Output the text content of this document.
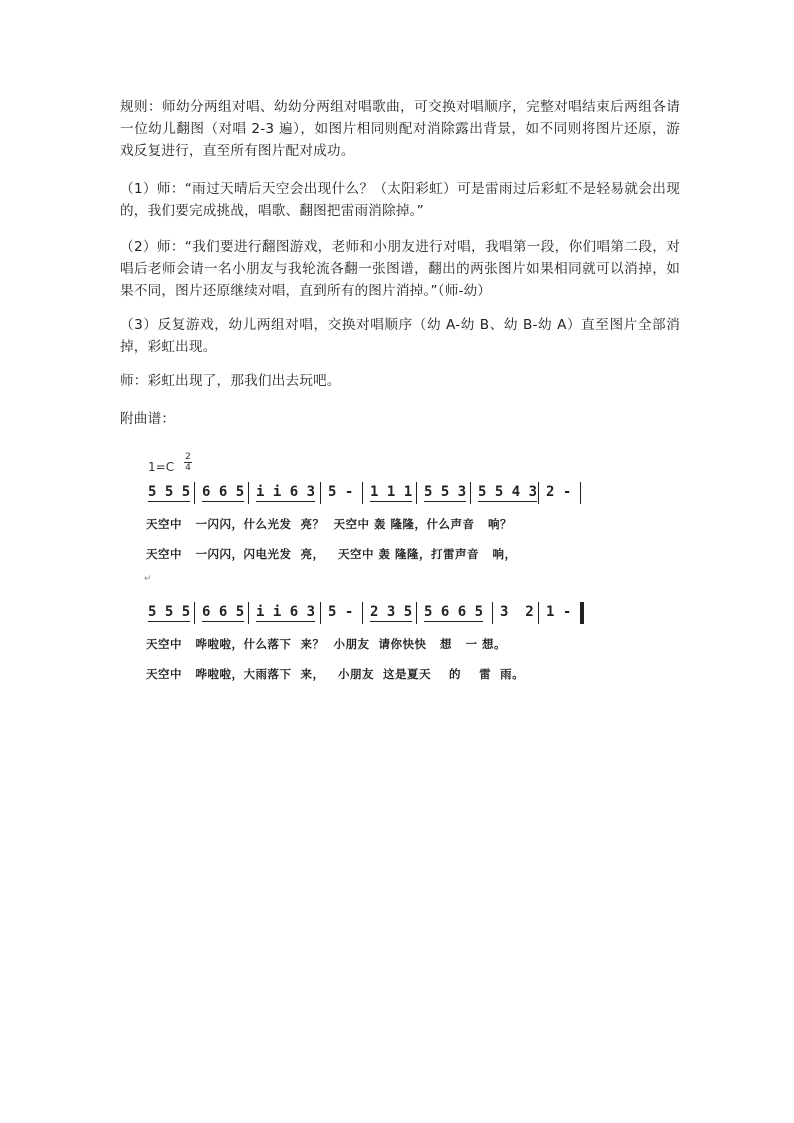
规则：师幼分两组对唱、幼幼分两组对唱歌曲，可交换对唱顺序，完整对唱结束后两组各请一位幼儿翻图（对唱 2-3 遍），如图片相同则配对消除露出背景，如不同则将图片还原，游戏反复进行，直至所有图片配对成功。

（1）师：“雨过天晴后天空会出现什么？（太阳彩虹）可是雷雨过后彩虹不是轻易就会出现的，我们要完成挑战，唱歌、翻图把雷雨消除掉。”

（2）师：“我们要进行翻图游戏，老师和小朋友进行对唱，我唱第一段，你们唱第二段，对唱后老师会请一名小朋友与我轮流各翻一张图谱，翻出的两张图片如果相同就可以消掉，如果不同，图片还原继续对唱，直到所有的图片消掉。”（师-幼）

（3）反复游戏，幼儿两组对唱，交换对唱顺序（幼 A-幼 B、幼 B-幼 A）直至图片全部消掉，彩虹出现。

师：彩虹出现了，那我们出去玩吧。

附曲谱：

1=C
2
4

5 5 5

6 6 5

i i 6 3

5 -

1 1 1

5 5 3

5 5 4 3

2 -

天空中   一闪闪，什么光发  亮？  天空中 轰 隆隆，什么声音   响？
天空中   一闪闪，闪电光发  亮，   天空中 轰 隆隆，打雷声音   响，
↵

5 5 5

6 6 5

i i 6 3

5 -

2 3 5

5 6 6 5

3  2

1 -

天空中   哗啦啦，什么落下  来？  小朋友  请你快快   想   一 想。
天空中   哗啦啦，大雨落下  来，   小朋友  这是夏天    的    雷  雨。
